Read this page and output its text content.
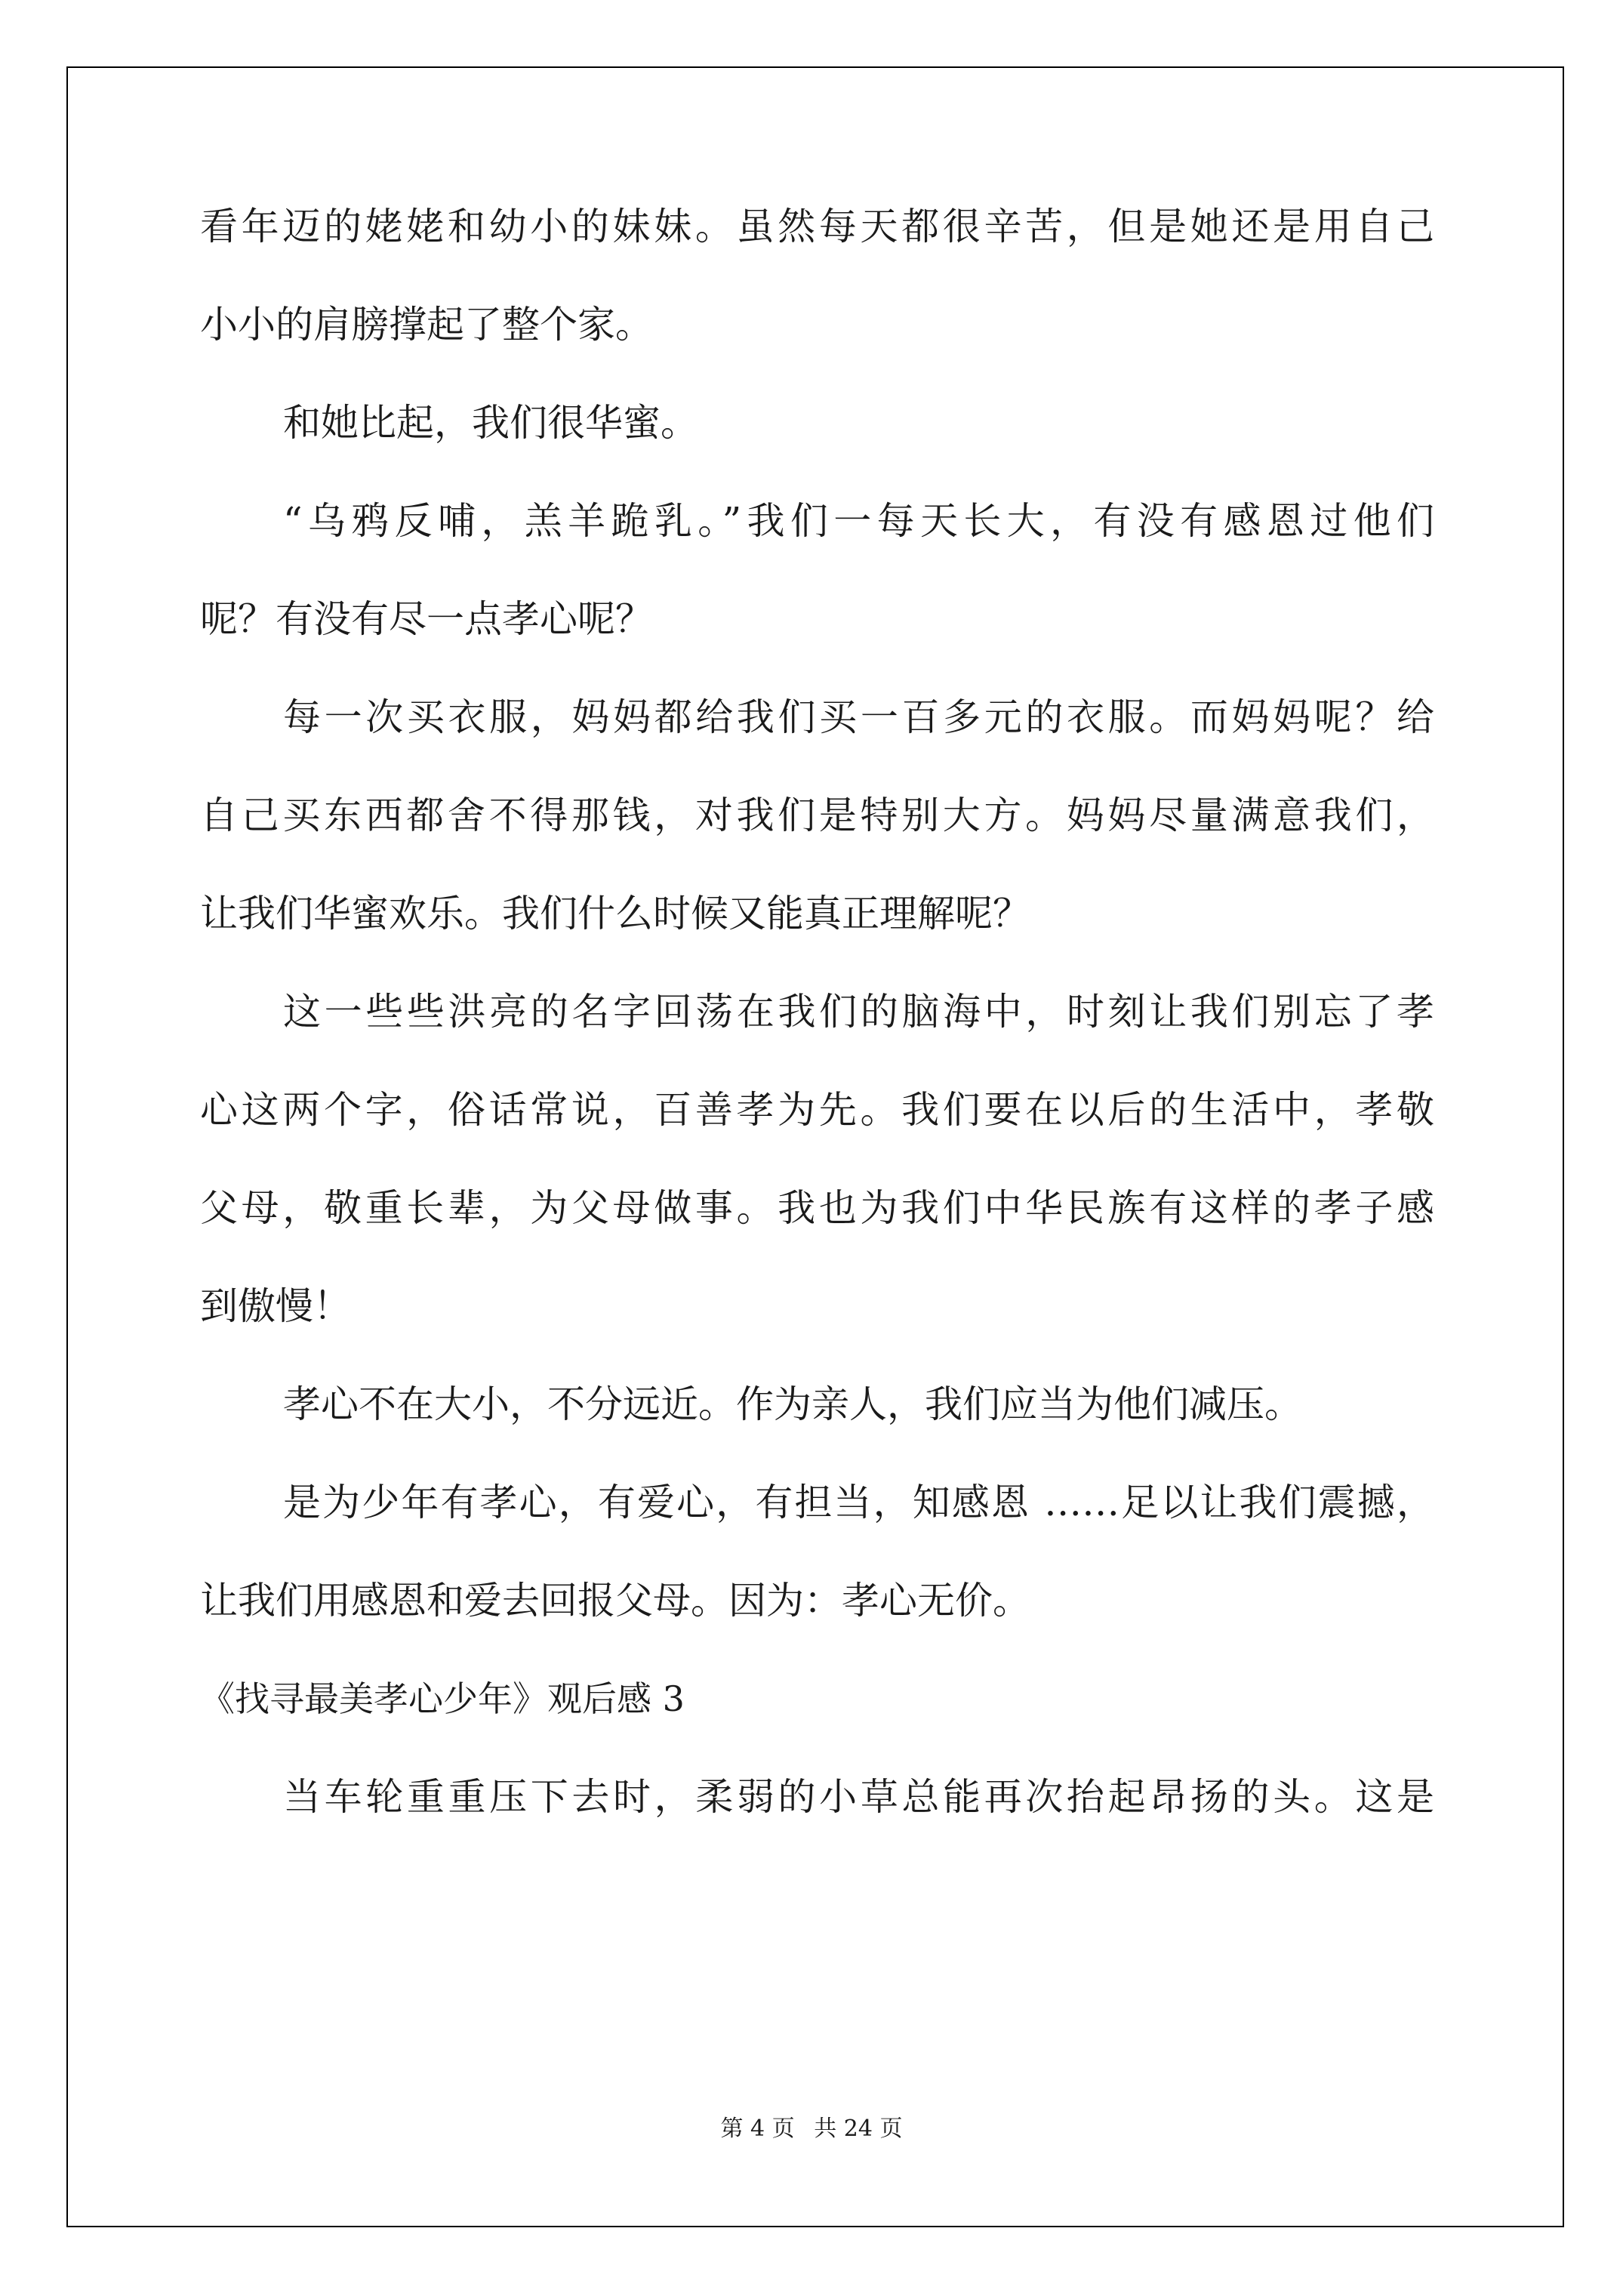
看年迈的姥姥和幼小的妹妹。虽然每天都很辛苦，但是她还是用自己
小小的肩膀撑起了整个家。
和她比起，我们很华蜜。
“乌鸦反哺，羔羊跪乳。”我们一每天长大，有没有感恩过他们
呢？有没有尽一点孝心呢？
每一次买衣服，妈妈都给我们买一百多元的衣服。而妈妈呢？给
自己买东西都舍不得那钱，对我们是特别大方。妈妈尽量满意我们，
让我们华蜜欢乐。我们什么时候又能真正理解呢？
这一些些洪亮的名字回荡在我们的脑海中，时刻让我们别忘了孝
心这两个字，俗话常说，百善孝为先。我们要在以后的生活中，孝敬
父母，敬重长辈，为父母做事。我也为我们中华民族有这样的孝子感
到傲慢！
孝心不在大小，不分远近。作为亲人，我们应当为他们减压。
是为少年有孝心，有爱心，有担当，知感恩 ……足以让我们震撼，
让我们用感恩和爱去回报父母。因为：孝心无价。
《找寻最美孝心少年》观后感 3
当车轮重重压下去时，柔弱的小草总能再次抬起昂扬的头。这是
第 4 页 共 24 页
